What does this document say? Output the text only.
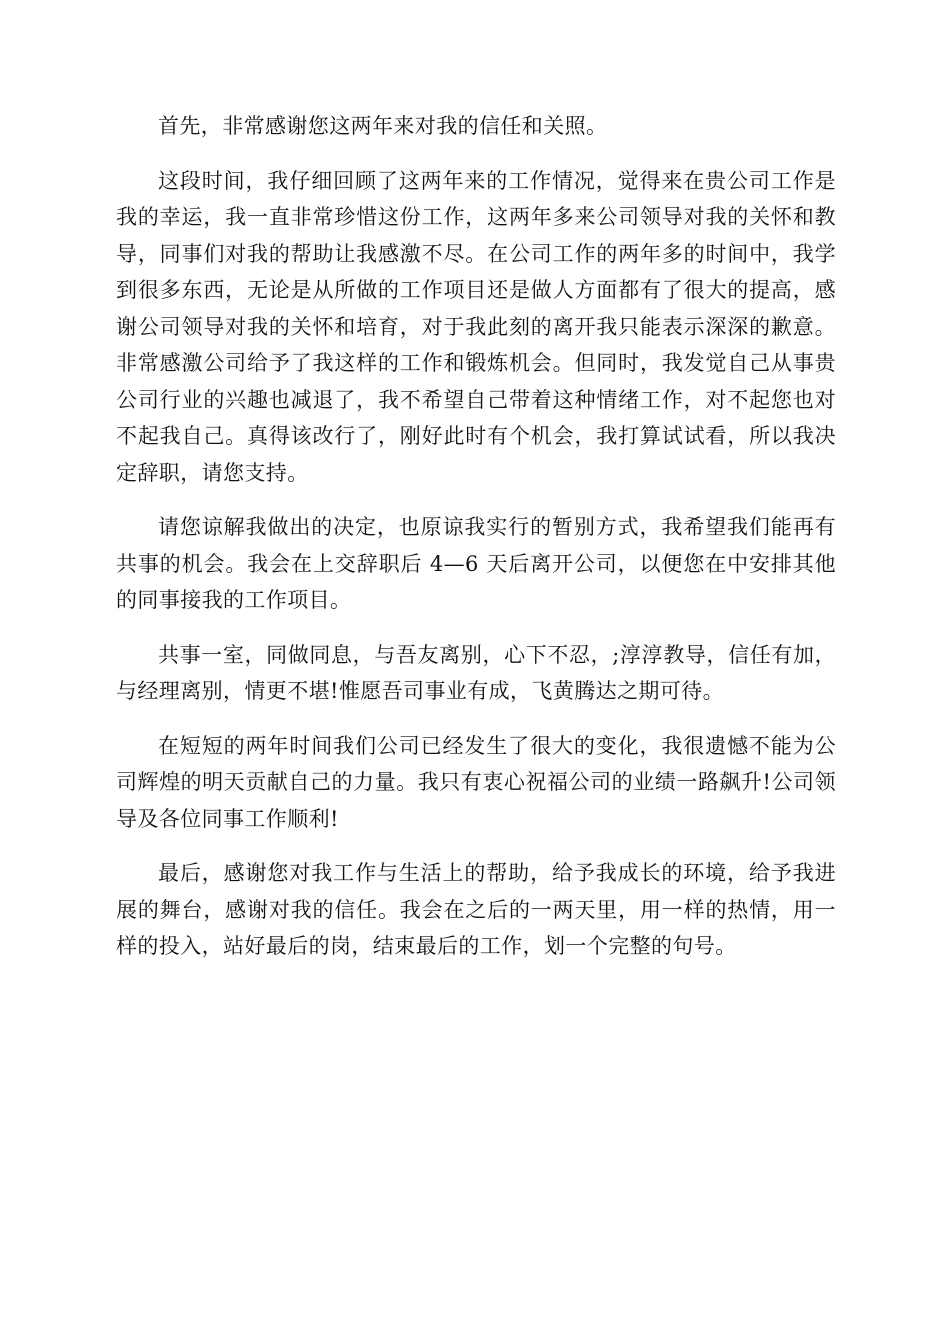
首先，非常感谢您这两年来对我的信任和关照。

这段时间，我仔细回顾了这两年来的工作情况，觉得来在贵公司工作是我的幸运，我一直非常珍惜这份工作，这两年多来公司领导对我的关怀和教导，同事们对我的帮助让我感激不尽。在公司工作的两年多的时间中，我学到很多东西，无论是从所做的工作项目还是做人方面都有了很大的提高，感谢公司领导对我的关怀和培育，对于我此刻的离开我只能表示深深的歉意。非常感激公司给予了我这样的工作和锻炼机会。但同时，我发觉自己从事贵公司行业的兴趣也减退了，我不希望自己带着这种情绪工作，对不起您也对不起我自己。真得该改行了，刚好此时有个机会，我打算试试看，所以我决定辞职，请您支持。

请您谅解我做出的决定，也原谅我实行的暂别方式，我希望我们能再有共事的机会。我会在上交辞职后 4—6 天后离开公司，以便您在中安排其他的同事接我的工作项目。

共事一室，同做同息，与吾友离别，心下不忍，;淳淳教导，信任有加，与经理离别，情更不堪!惟愿吾司事业有成，飞黄腾达之期可待。

在短短的两年时间我们公司已经发生了很大的变化，我很遗憾不能为公司辉煌的明天贡献自己的力量。我只有衷心祝福公司的业绩一路飙升!公司领导及各位同事工作顺利!

最后，感谢您对我工作与生活上的帮助，给予我成长的环境，给予我进展的舞台，感谢对我的信任。我会在之后的一两天里，用一样的热情，用一样的投入，站好最后的岗，结束最后的工作，划一个完整的句号。
